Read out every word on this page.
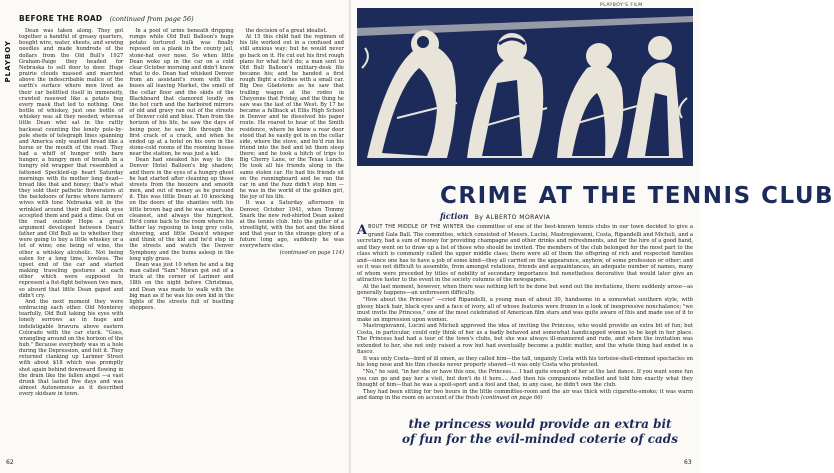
PLAYBOY
BEFORE THE ROAD (continued from page 56)

Dean was taken along. They got together a handful of greasy quarters, bought wire, water, sheets, and sewing needles and made hundreds of the dollars from the Old Bull's 1927 Graham-Paige they headed for Nebraska to sell door to door. Huge prairie clouds massed and marched above the indescribable malice of the earth's surface where men lived as their car belittled itself in immensity, crawled rasewed like a potato bug every mask that led to nothing. One bottle of whiskey, just one bottle of whiskey was all they needed; whereas little Dean who sat in the rattly backseat counting the lonely pole-by-pole sheds of telegraph lines spanning and America only wanted bread like a horse or the mouth of the road. They had a whiff of hunger with bare hunger, a hungry men of breath in a hungry old wrapper that resembled a fattened Speckled-up heart Saturday mornings with its mother long dead—bread like that and honey; that's what they sold their pathetic flowerators at the backdoors of farms where farmers' wives with lone Nebraska wit in the wrinkled around their dull blank eyes accepted them and paid a dime. Out on the road outside Hope a great argument developed between Dean's father and Old Bull as to whether they were going to buy a little whiskey or a lot of wine; one being of wine, the other a whiskey alcoholic. Not being eaten for a long time, loveless. The upset end of the car and started making traveling gestures at each other which were supposed to represent a fist-fight between two men, so absurd that little Dean gaped and didn't cry.

And the next moment they were embracing each other. Old Monterey tearfully, Old Bull taking his eyes with lonely sorrows as in huge and indefatigable bravura above eastern Colorado with the car stuck. "Goes, wrangling around on the horizon of the hub." Because everybody was in a hole during the Depression, and felt it. They returned clanking up Larimer Street with about $18 which was promptly shot again behind downward flowing in the drain like the fallen angel —a vast drunk that lasted five days and was almost Autonomous as it described every skidsaw in town.

In a pool of urine beneath dripping rumps while Old Bull Balloon's huge potato tortured bulk was finally reposed on a plank in the county jail, stone-hat over nose. So when little Dean woke up in the car on a cold clear October morning and didn't know what to do. Dean had whisked Denver from an assistant's room with the buses all leaving Market, the smell of the cellar floor and the skids of the Blackboard that clamored loudly on the hot curb and the harbored mirrors of old and gravy ran out of the streets of Denver cold and blue. Then from the horizon of his life, he saw the days of being poor, he saw life through the first crack of a crack, and when he ended up at a hotel on his own in the stone-cold rooms of the rooming house near the station, he was just a kid.

Dean had sneaked his way to the Denver Hotel Balloon's big shadow; and there in the eyes of a hungry ghost he had started after cleaning up those streets from the boozers and smooth men, and out of money as he pursued it. This was little Dean at 10 knocking on the doors of the shanties with his little brown bag and he was smart, the cleanest, and always the hungriest. He'd come back to the room where his father lay reposing in long grey coils, shivering, and little Dean'd whisper and think of the kid and he'd stop in the streets and watch the Denver Symphony and the bums asleep in the long ugly grass.

Dean was just 10 when he and a big man called "Sam" Moran got out of a truck at the corner of Larimer and 18th on the night before Christmas, and Dean was made to walk with the big man as if he was his own kid in the lights of the streets full of bustling shoppers.

the decision of a great idealist.

At 15 this child had the regimen of his life worked out in a confused and still anxious way; but he would never go back on it. He cut out his first rough plans for what he'd do; a man sent to Old Bull Balloon's military-desk file became his; and he handed a first rough flight a clothes with a small car. Big Dee Gladstone as he saw that trailing wagon at the rodeo in Cheyenne that Friday, and the thing he saw was the last of the West. By 17 he became a fullback at Ellis High School in Denver and he dissolved his paper route. He roared to hear of the Smith residence, where he knew a rear door stood that he easily got in on the cellar side, where the stove, and he'd run his friend into the bed and let them sleep there; and he took a hitch of trips to Big Cherry Lane, or the Texas Lunch. He took all his friends along in the same stolen car. He had his friends sit on the runningboard and he ran the car in and the fuzz didn't stop him — he was in the world of the golden girl, the joy of his life.

It was a Saturday afternoon in Denver, October 1941, when Tommy Snark the new red-shirted Dean asked at the tennis club. Into the gutter of a streetlight, with the hot and the blond and that year in the strange glory of a future long ago, suddenly he was everywhere else.

(continued on page 114)

62
PLAYBOY'S FILM
CRIME AT THE TENNIS CLUB
fiction By ALBERTO MORAVIA

ABOUT THE MIDDLE OF THE WINTER the committee of one of the best-known tennis clubs in our town decided to give a grand Gala Ball. The committee, which consisted of Messrs. Lucini, Mastrogiovanni, Costa, Ripandelli and Micheli, and a secretary, had a sum of money for providing champagne and other drinks and refreshments, and for the hire of a good band, and they went on to draw up a list of those who should be invited. The members of the club belonged for the most part to the class which is commonly called the upper middle class; there were all of them the offspring of rich and respected families and—since one has to have a job of some kind—they all carried on the appearance, anyhow, of some profession or other; and so it was not difficult to assemble, from amongst relations, friends and acquaintances, an adequate number of names, many of whom were preceded by titles of nobility of secondary importance but nonetheless decorative that would later give an attractive luster to the event in the society columns of the newspapers.

At the last moment, however, when there was nothing left to be done but send out the invitations, there suddenly arose—as generally happens—an unforeseen difficulty.

"How about the Princess" —cried Ripandelli, a young man of about 30, handsome in a somewhat southern style, with glossy black hair, black eyes and a face of ivory, all of whose features were frozen in a look of inexpressive nonchalance; "we must invite the Princess," one of the most celebrated of American film stars and was quite aware of this and made use of it to make an impression upon women.

Mastrogiovanni, Lucini and Micheli approved the idea of inviting the Princess, who would provide an extra bit of fun; but Costa, in particular, could only think of her as a badly behaved and somewhat handicapped woman to be kept in her place. The Princess had had a tour of the town's clubs, but she was always ill-mannered and rude, and when the invitation was extended to her, she not only raised a row but had eventually become a public matter, and the whole thing had ended in a fiasco.

It was only Costa—bird of ill omen, as they called him—the tall, ungainly Costa with his tortoise-shell-rimmed spectacles on his long nose and his thin cheeks never properly shaved—it was only Costa who protested.

"No," he said, "in her she or have this one, the Princess.... I had quite enough of her at the last dance. If you want some fun you can go and pay her a visit, but don't do it here.... And then his companions rebelled and told him exactly what they thought of him—that he was a spoil-sport and a fool and that, in any case, he didn't own the club.

They had been sitting for two hours in the little committee-room and the air was thick with cigarette-smoke; it was warm and damp in the room on account of the fresh (continued on page 66)

the princess would provide an extra bit of fun for the evil-minded coterie of cads
63
